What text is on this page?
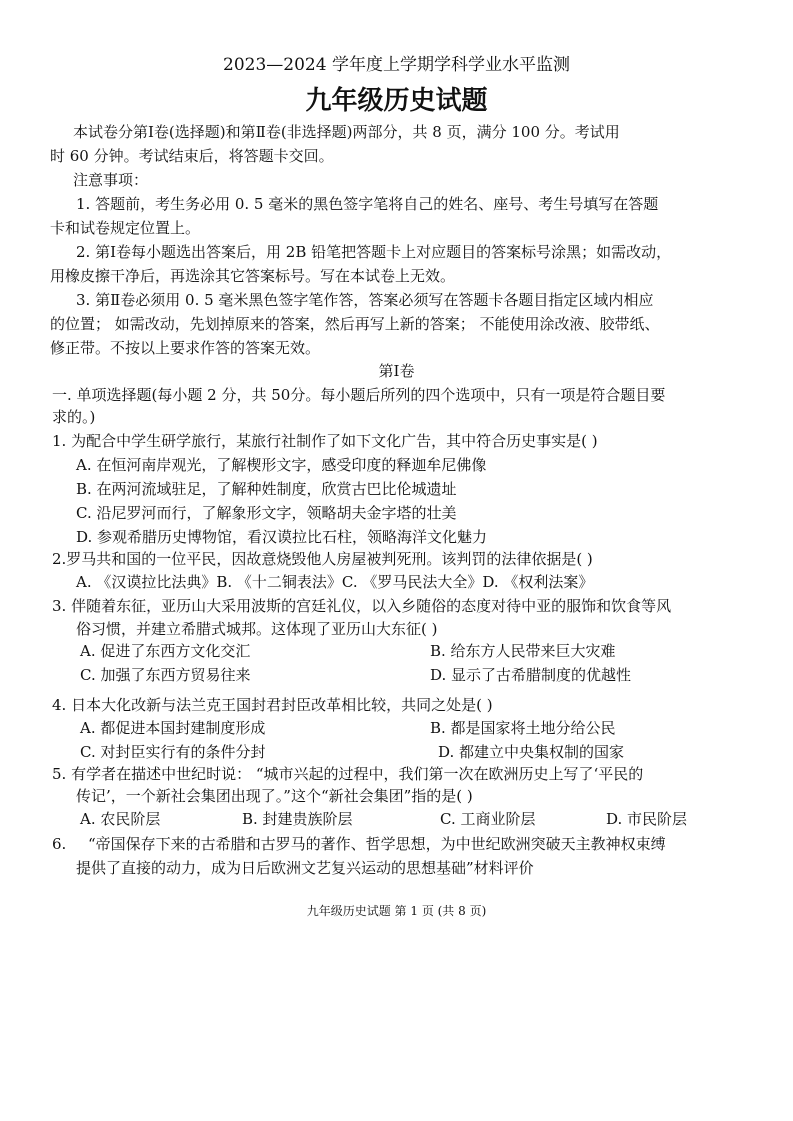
2023—2024 学年度上学期学科学业水平监测
九年级历史试题
本试卷分第Ⅰ卷(选择题)和第Ⅱ卷(非选择题)两部分，共 8 页，满分 100 分。考试用
时 60 分钟。考试结束后，将答题卡交回。
注意事项：
1. 答题前，考生务必用 0. 5 毫米的黑色签字笔将自己的姓名、座号、考生号填写在答题
卡和试卷规定位置上。
2. 第Ⅰ卷每小题选出答案后，用 2B 铅笔把答题卡上对应题目的答案标号涂黑；如需改动，
用橡皮擦干净后，再选涂其它答案标号。写在本试卷上无效。
3. 第Ⅱ卷必须用 0. 5 毫米黑色签字笔作答，答案必须写在答题卡各题目指定区域内相应
的位置； 如需改动，先划掉原来的答案，然后再写上新的答案； 不能使用涂改液、胶带纸、
修正带。不按以上要求作答的答案无效。
第Ⅰ卷
一. 单项选择题(每小题 2 分，共 50分。每小题后所列的四个选项中，只有一项是符合题目要
求的。)
1. 为配合中学生研学旅行，某旅行社制作了如下文化广告，其中符合历史事实是( )
A. 在恒河南岸观光，了解楔形文字，感受印度的释迦牟尼佛像
B. 在两河流域驻足，了解种姓制度，欣赏古巴比伦城遗址
C. 沿尼罗河而行，了解象形文字，领略胡夫金字塔的壮美
D. 参观希腊历史博物馆，看汉谟拉比石柱，领略海洋文化魅力
2.罗马共和国的一位平民，因故意烧毁他人房屋被判死刑。该判罚的法律依据是( )
A. 《汉谟拉比法典》B. 《十二铜表法》C. 《罗马民法大全》D. 《权利法案》
3. 伴随着东征，亚历山大采用波斯的宫廷礼仪，以入乡随俗的态度对待中亚的服饰和饮食等风
俗习惯，并建立希腊式城邦。这体现了亚历山大东征( )
A. 促进了东西方文化交汇	B. 给东方人民带来巨大灾难
C. 加强了东西方贸易往来	D. 显示了古希腊制度的优越性
4. 日本大化改新与法兰克王国封君封臣改革相比较，共同之处是( )
A. 都促进本国封建制度形成	B. 都是国家将土地分给公民
C. 对封臣实行有的条件分封	D. 都建立中央集权制的国家
5. 有学者在描述中世纪时说： “城市兴起的过程中，我们第一次在欧洲历史上写了‘平民的
传记’，一个新社会集团出现了。”这个“新社会集团”指的是( )
A. 农民阶层	B. 封建贵族阶层	C. 工商业阶层	D. 市民阶层
6. “帝国保存下来的古希腊和古罗马的著作、哲学思想，为中世纪欧洲突破天主教神权束缚
提供了直接的动力，成为日后欧洲文艺复兴运动的思想基础”材料评价
九年级历史试题 第 1 页 (共 8 页)
